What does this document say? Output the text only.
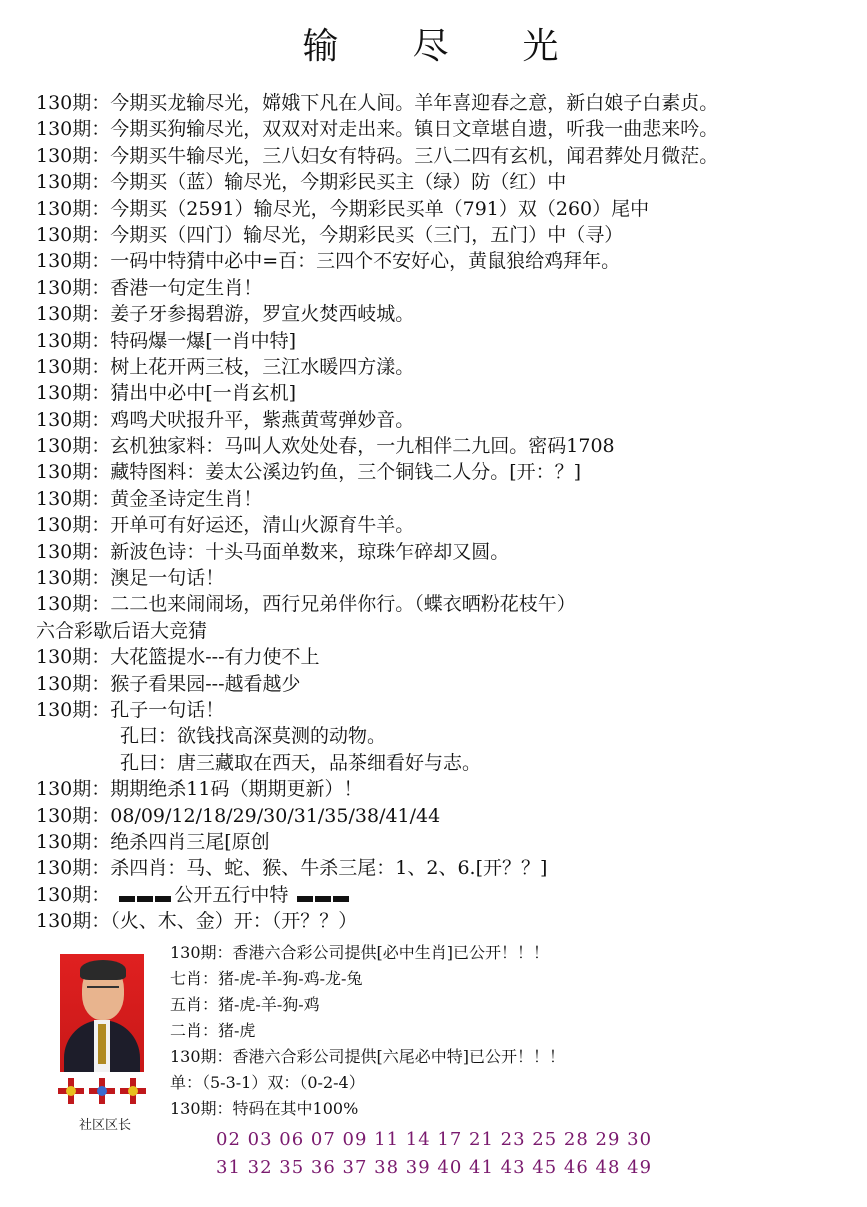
输 尽 光
130期：今期买龙输尽光，嫦娥下凡在人间。羊年喜迎春之意，新白娘子白素贞。
130期：今期买狗输尽光，双双对对走出来。镇日文章堪自遗，听我一曲悲来吟。
130期：今期买牛输尽光，三八妇女有特码。三八二四有玄机，闻君葬处月微茫。
130期：今期买（蓝）输尽光，今期彩民买主（绿）防（红）中
130期：今期买（2591）输尽光，今期彩民买单（791）双（260）尾中
130期：今期买（四门）输尽光，今期彩民买（三门，五门）中（寻）
130期：一码中特猜中必中=百：三四个不安好心，黄鼠狼给鸡拜年。
130期：香港一句定生肖！
130期：姜子牙参揭碧游，罗宣火焚西岐城。
130期：特码爆一爆[一肖中特]
130期：树上花开两三枝，三江水暖四方漾。
130期：猜出中必中[一肖玄机]
130期：鸡鸣犬吠报升平，紫燕黄莺弹妙音。
130期：玄机独家料：马叫人欢处处春，一九相伴二九回。密码1708
130期：藏特图料：姜太公溪边钓鱼，三个铜钱二人分。[开：？]
130期：黄金圣诗定生肖！
130期：开单可有好运还，清山火源育牛羊。
130期：新波色诗：十头马面单数来，琼珠乍碎却又圆。
130期：澳足一句话！
130期：二二也来闹闹场，西行兄弟伴你行。（蝶衣晒粉花枝午）
六合彩歇后语大竞猜
130期：大花篮提水---有力使不上
130期：猴子看果园---越看越少
130期：孔子一句话！
孔曰：欲钱找高深莫测的动物。
孔曰：唐三藏取在西天，品茶细看好与志。
130期：期期绝杀11码（期期更新）！
130期：08/09/12/18/29/30/31/35/38/41/44
130期：绝杀四肖三尾[原创
130期：杀四肖：马、蛇、猴、牛杀三尾：1、2、6.[开？？]
130期：	公开五行中特
130期：（火、木、金）开：（开？？）
社区区长
130期：香港六合彩公司提供[必中生肖]已公开！！！
七肖：猪-虎-羊-狗-鸡-龙-兔
五肖：猪-虎-羊-狗-鸡
二肖：猪-虎
130期：香港六合彩公司提供[六尾必中特]已公开！！！
单：（5-3-1）双：（0-2-4）
130期：特码在其中100%
02 03 06 07 09 11 14 17 21 23 25 28 29 30
31 32 35 36 37 38 39 40 41 43 45 46 48 49
